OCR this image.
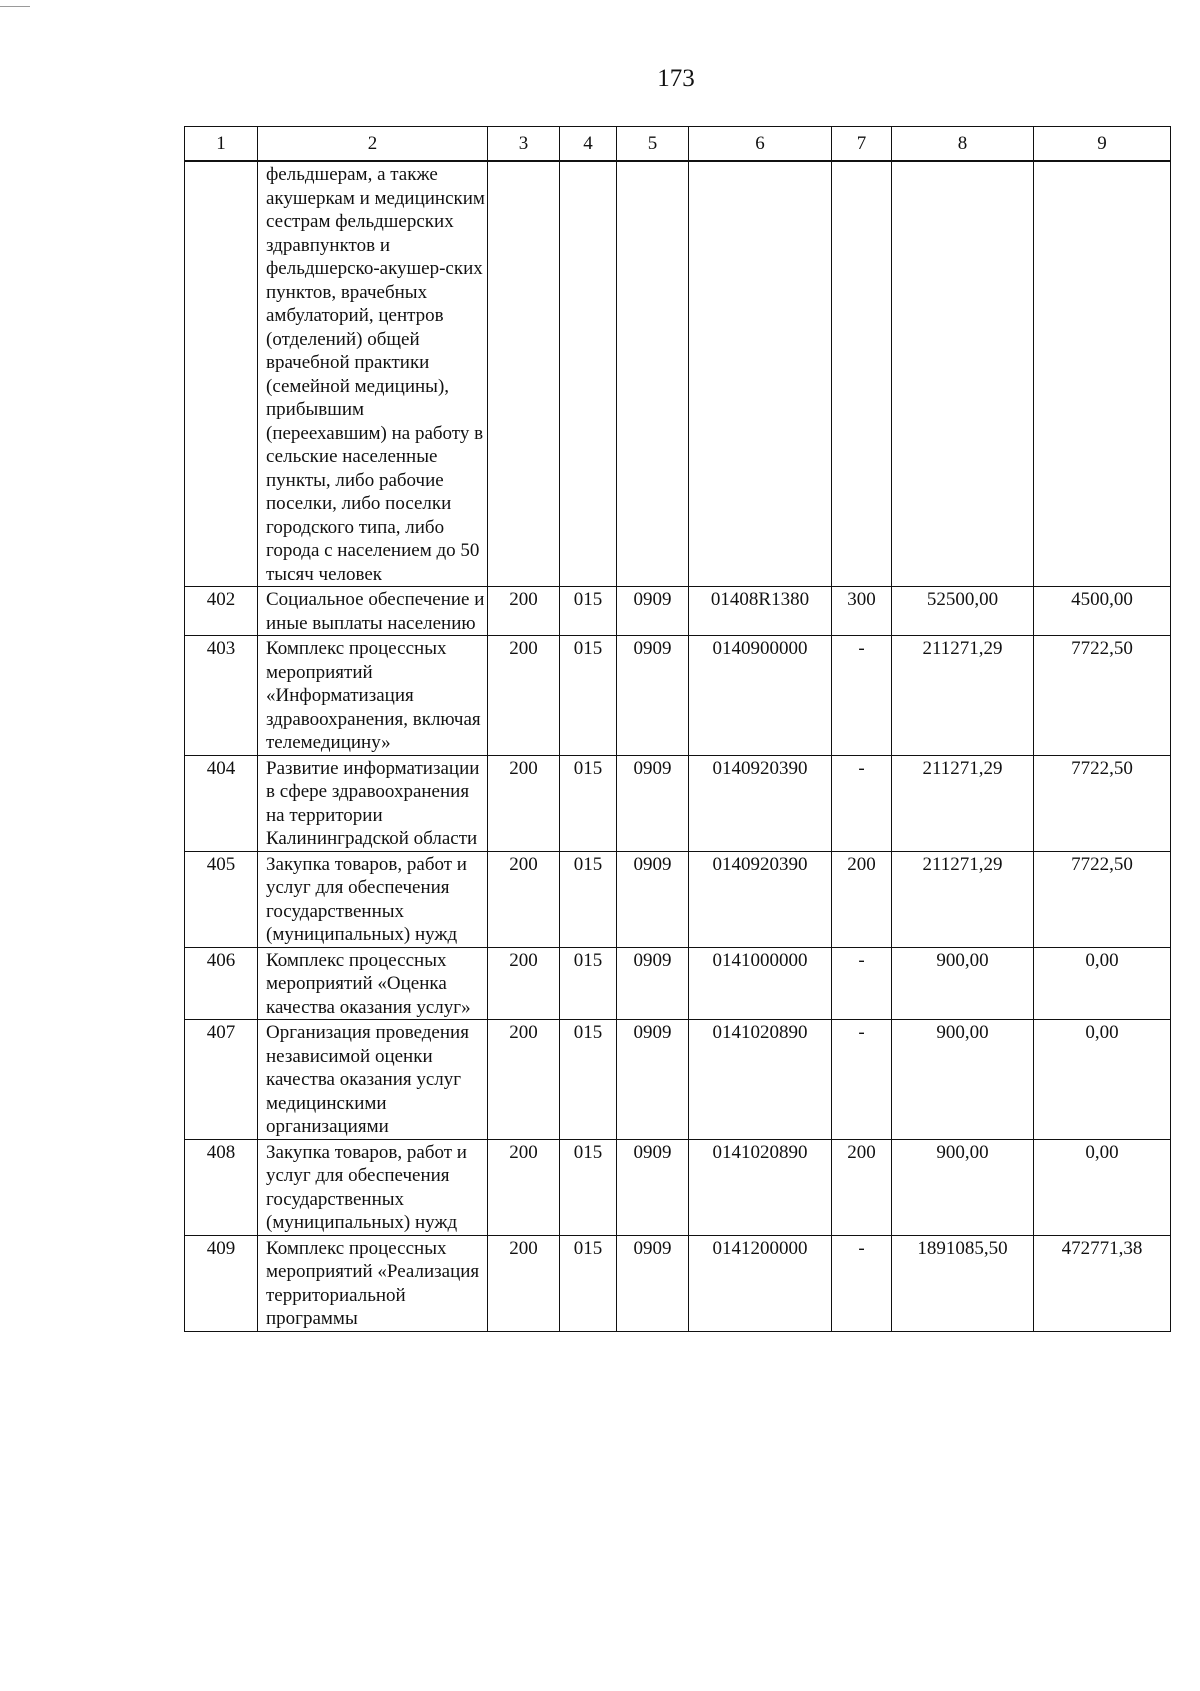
173
1	2	3	4	5	6	7	8	9
	фельдшерам, а также акушеркам и медицинским сестрам фельдшерских здравпунктов и фельдшерско-акушер-ских пунктов, врачебных амбулаторий, центров (отделений) общей врачебной практики (семейной медицины), прибывшим (переехавшим) на работу в сельские населенные пункты, либо рабочие поселки, либо поселки городского типа, либо города с населением до 50 тысяч человек							
402	Социальное обеспечение и иные выплаты населению	200	015	0909	01408R1380	300	52500,00	4500,00
403	Комплекс процессных мероприятий «Информатизация здравоохранения, включая телемедицину»	200	015	0909	0140900000	-	211271,29	7722,50
404	Развитие информатизации в сфере здравоохранения на территории Калининградской области	200	015	0909	0140920390	-	211271,29	7722,50
405	Закупка товаров, работ и услуг для обеспечения государственных (муниципальных) нужд	200	015	0909	0140920390	200	211271,29	7722,50
406	Комплекс процессных мероприятий «Оценка качества оказания услуг»	200	015	0909	0141000000	-	900,00	0,00
407	Организация проведения независимой оценки качества оказания услуг медицинскими организациями	200	015	0909	0141020890	-	900,00	0,00
408	Закупка товаров, работ и услуг для обеспечения государственных (муниципальных) нужд	200	015	0909	0141020890	200	900,00	0,00
409	Комплекс процессных мероприятий «Реализация территориальной программы	200	015	0909	0141200000	-	1891085,50	472771,38
